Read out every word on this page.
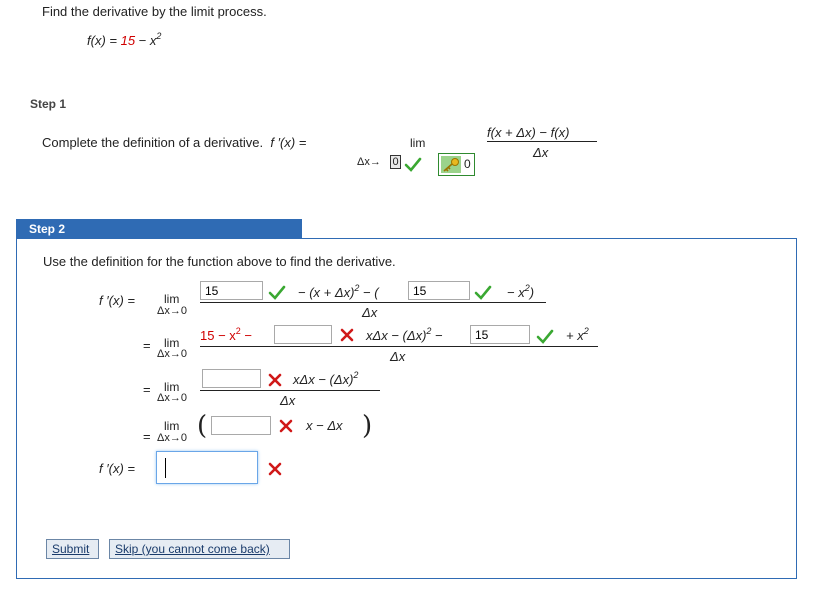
Find the derivative by the limit process.
$f(x) = 15 - x^2$
Step 1
Complete the definition of a derivative. f ′(x) =	lim
Δx→ 0	0
f(x + Δx) − f(x)
Δx
Step 2
Use the definition for the function above to find the derivative.
f ′(x) = lim
Δx→0
15
− $(x + \Delta x)^2$ − (
15	− $x^2$)
Δx
= lim
Δx→0
$15 - x^2$ −	$x\Delta x - (\Delta x)^2$ −
15	+ $x^2$
Δx
= lim
Δx→0
$x\Delta x - (\Delta x)^2$
Δx
=
lim
Δx→0 (	x − Δx )
f ′(x) =
Submit	Skip (you cannot come back)
